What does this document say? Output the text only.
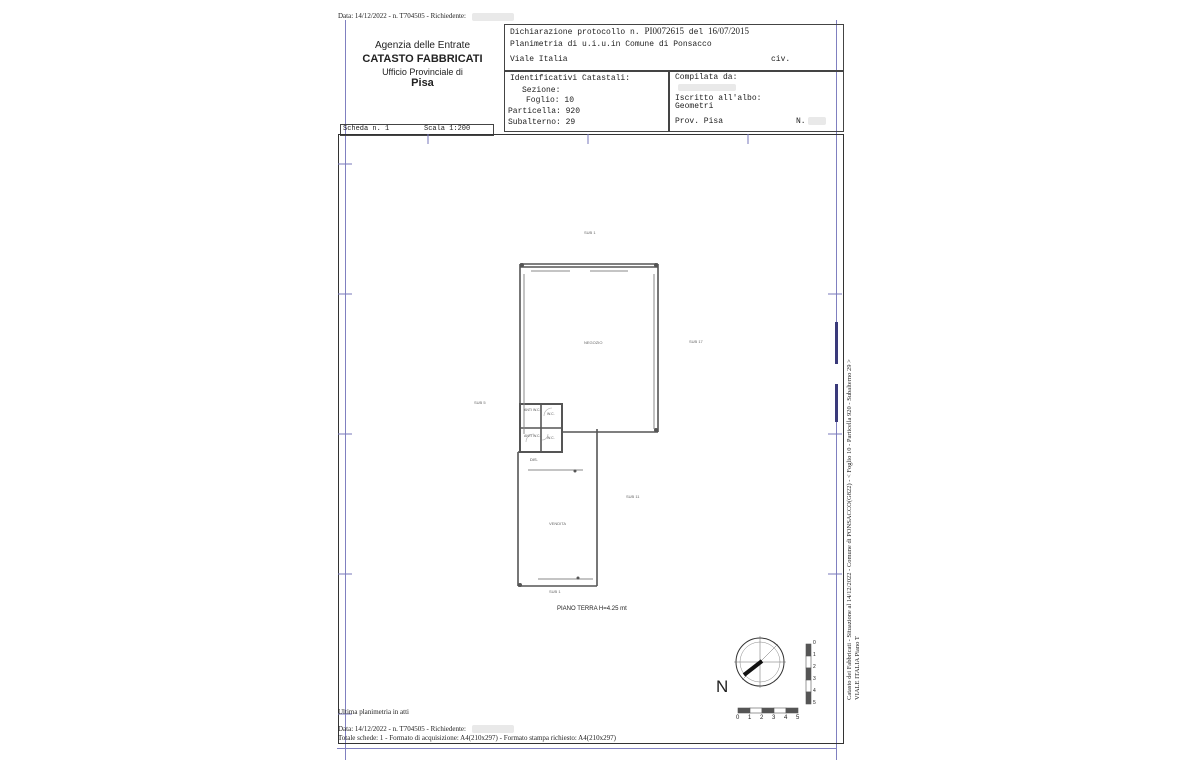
Data: 14/12/2022 - n. T704505 - Richiedente:
Agenzia delle Entrate
CATASTO FABBRICATI
Ufficio Provinciale di
Pisa
Dichiarazione protocollo n. PI0072615 del 16/07/2015
Planimetria di u.i.u.in Comune di Ponsacco
Viale Italia	civ.
Identificativi Catastali:
Sezione:
Foglio: 10
Particella: 920
Subalterno: 29
Compilata da:
Iscritto all'albo:
Geometri
Prov. Pisa	N.
Scheda n. 1	Scala 1:200
SUB 1
SUB 17
SUB 5
NEGOZIO
ANTI W.C.
W.C.
ANTI W.C. W.C.
DIS.
SUB 11
VENDITA
SUB 1
PIANO TERRA H=4.25 mt
N
0 1 2 3 4 5
0
1
2
3
4
5
Catasto dei Fabbricati - Situazione al 14/12/2022 - Comune di PONSACCO(G822) - < Foglio 10 - Particella 920 - Subalterno 29 > VIALE ITALIA Piano T
Ultima planimetria in atti
Data: 14/12/2022 - n. T704505 - Richiedente:
Totale schede: 1 - Formato di acquisizione: A4(210x297) - Formato stampa richiesto: A4(210x297)
